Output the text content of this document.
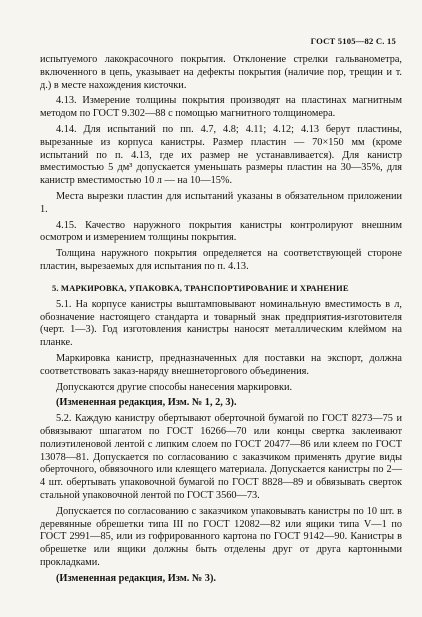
ГОСТ 5105—82 С. 15

испытуемого лакокрасочного покрытия. Отклонение стрелки гальванометра, включенного в цепь, указывает на дефекты покрытия (наличие пор, трещин и т. д.) в месте нахождения кисточки.

4.13. Измерение толщины покрытия производят на пластинах магнитным методом по ГОСТ 9.302—88 с помощью магнитного толщиномера.

4.14. Для испытаний по пп. 4.7, 4.8; 4.11; 4.12; 4.13 берут пластины, вырезанные из корпуса канистры. Размер пластин — 70×150 мм (кроме испытаний по п. 4.13, где их размер не устанавливается). Для канистр вместимостью 5 дм³ допускается уменьшать размеры пластин на 30—35%, для канистр вместимостью 10 л — на 10—15%.

Места вырезки пластин для испытаний указаны в обязательном приложении 1.

4.15. Качество наружного покрытия канистры контролируют внешним осмотром и измерением толщины покрытия.

Толщина наружного покрытия определяется на соответствующей стороне пластин, вырезаемых для испытания по п. 4.13.

5. МАРКИРОВКА, УПАКОВКА, ТРАНСПОРТИРОВАНИЕ И ХРАНЕНИЕ

5.1. На корпусе канистры выштамповывают номинальную вместимость в л, обозначение настоящего стандарта и товарный знак предприятия-изготовителя (черт. 1—3). Год изготовления канистры наносят металлическим клеймом на планке.

Маркировка канистр, предназначенных для поставки на экспорт, должна соответствовать заказ-наряду внешнеторгового объединения.

Допускаются другие способы нанесения маркировки.

(Измененная редакция, Изм. № 1, 2, 3).

5.2. Каждую канистру обертывают оберточной бумагой по ГОСТ 8273—75 и обвязывают шпагатом по ГОСТ 16266—70 или концы свертка заклеивают полиэтиленовой лентой с липким слоем по ГОСТ 20477—86 или клеем по ГОСТ 13078—81. Допускается по согласованию с заказчиком применять другие виды оберточного, обвязочного или клеящего материала. Допускается канистры по 2—4 шт. обертывать упаковочной бумагой по ГОСТ 8828—89 и обвязывать сверток стальной упаковочной лентой по ГОСТ 3560—73.

Допускается по согласованию с заказчиком упаковывать канистры по 10 шт. в деревянные обрешетки типа III по ГОСТ 12082—82 или ящики типа V—1 по ГОСТ 2991—85, или из гофрированного картона по ГОСТ 9142—90. Канистры в обрешетке или ящики должны быть отделены друг от друга картонными прокладками.

(Измененная редакция, Изм. № 3).
